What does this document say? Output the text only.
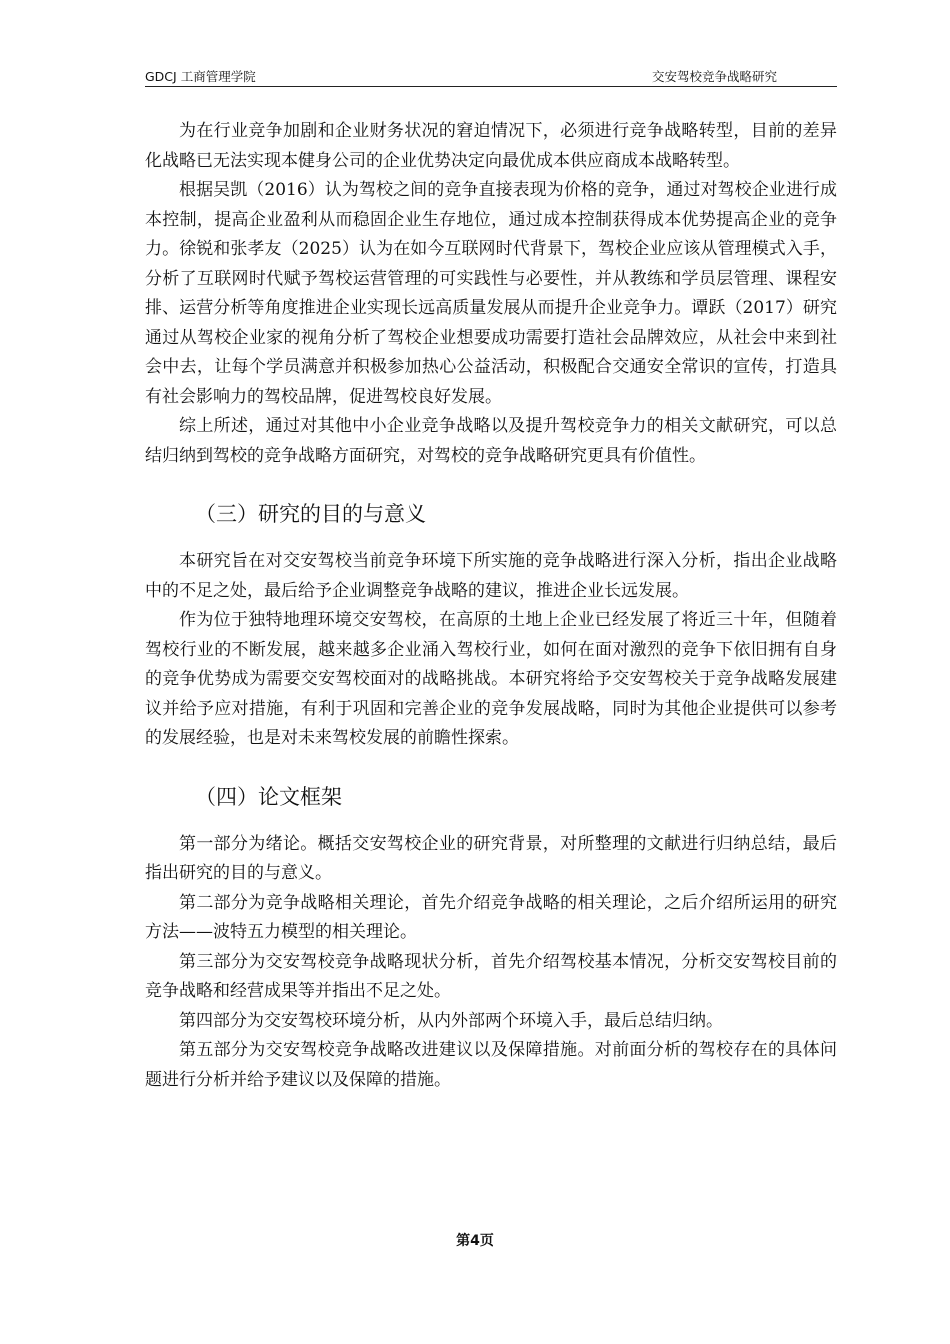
GDCJ 工商管理学院	交安驾校竞争战略研究

为在行业竞争加剧和企业财务状况的窘迫情况下，必须进行竞争战略转型，目前的差异化战略已无法实现本健身公司的企业优势决定向最优成本供应商成本战略转型。

根据吴凯（2016）认为驾校之间的竞争直接表现为价格的竞争，通过对驾校企业进行成本控制，提高企业盈利从而稳固企业生存地位，通过成本控制获得成本优势提高企业的竞争力。徐锐和张孝友（2025）认为在如今互联网时代背景下，驾校企业应该从管理模式入手，分析了互联网时代赋予驾校运营管理的可实践性与必要性，并从教练和学员层管理、课程安排、运营分析等角度推进企业实现长远高质量发展从而提升企业竞争力。谭跃（2017）研究通过从驾校企业家的视角分析了驾校企业想要成功需要打造社会品牌效应，从社会中来到社会中去，让每个学员满意并积极参加热心公益活动，积极配合交通安全常识的宣传，打造具有社会影响力的驾校品牌，促进驾校良好发展。

综上所述，通过对其他中小企业竞争战略以及提升驾校竞争力的相关文献研究，可以总结归纳到驾校的竞争战略方面研究，对驾校的竞争战略研究更具有价值性。

（三）研究的目的与意义

本研究旨在对交安驾校当前竞争环境下所实施的竞争战略进行深入分析，指出企业战略中的不足之处，最后给予企业调整竞争战略的建议，推进企业长远发展。

作为位于独特地理环境交安驾校，在高原的土地上企业已经发展了将近三十年，但随着驾校行业的不断发展，越来越多企业涌入驾校行业，如何在面对激烈的竞争下依旧拥有自身的竞争优势成为需要交安驾校面对的战略挑战。本研究将给予交安驾校关于竞争战略发展建议并给予应对措施，有利于巩固和完善企业的竞争发展战略，同时为其他企业提供可以参考的发展经验，也是对未来驾校发展的前瞻性探索。

（四）论文框架

第一部分为绪论。概括交安驾校企业的研究背景，对所整理的文献进行归纳总结，最后指出研究的目的与意义。

第二部分为竞争战略相关理论，首先介绍竞争战略的相关理论，之后介绍所运用的研究方法——波特五力模型的相关理论。

第三部分为交安驾校竞争战略现状分析，首先介绍驾校基本情况，分析交安驾校目前的竞争战略和经营成果等并指出不足之处。

第四部分为交安驾校环境分析，从内外部两个环境入手，最后总结归纳。

第五部分为交安驾校竞争战略改进建议以及保障措施。对前面分析的驾校存在的具体问题进行分析并给予建议以及保障的措施。

第4页
